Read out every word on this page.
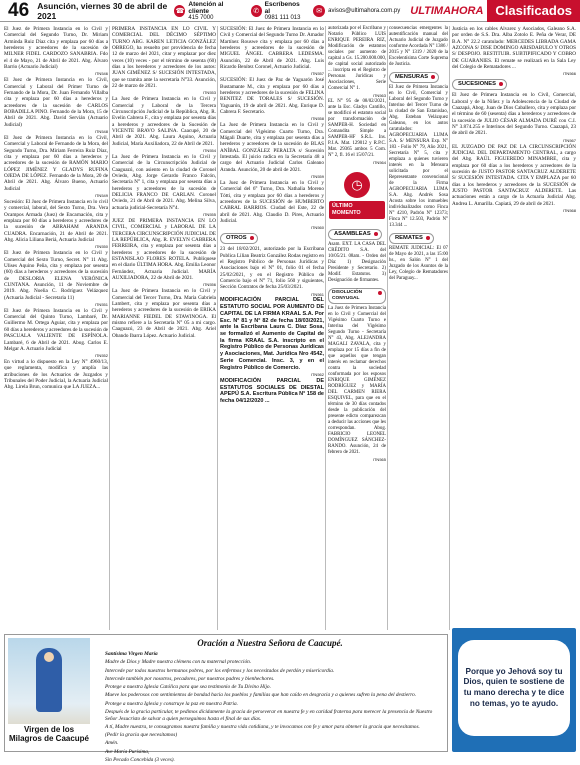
46 Asunción, viernes 30 de abril de 2021	☎
Atención al cliente
415 7000
✆
Escríbenos al
0981 111 013
✉	avisos@ultimahora.com.py ULTIMAHORA Clasificados

El Juez de Primera Instancia en lo Civil y Comercial del Segundo Turno, Dr. Miriam Arminda Ruiz Díaz cita y emplaza por 60 días a herederos y acreedores de la sucesión de MILNER FIDEL CARDOZO SANABRIA. Fdo el 4 de Mayo, 21 de Abril de 2021. Abg. Álvaro Barrio (Actuario Judicial)

ITN546

El Juez de Primera Instancia en lo Civil, Comercial y Laboral del Primer Turno de Fernando de la Mora, Dr. Juan Fernando Villalba cita y emplaza por 60 días a herederos y acreedores de la sucesión de CARLOS BOBADILLA PINO. Fernando de la Mora, 15 de Abril de 2021. Abg. David Servián (Actuario Judicial)

ITN548

El Juez de Primera Instancia en lo Civil, Comercial y Laboral de Fernando de la Mora, del Segundo Turno, Dra. Miriam Ferreira Ruiz Díaz, cita y emplaza por 60 días a herederos y acreedores de la sucesión de RAMÓN MARIO LÓPEZ JIMÉNEZ Y GLADYS RUFINA OJEDA DE LÓPEZ. Fernando de la Mora, 20 de Abril de 2021. Abg. Álvaro Bueno, Actuario Judicial

ITN549

Sucesión: El Juez de Primera Instancia en lo civil y comercial, laboral, del Sexto Turno, Dra. Vera Ocampos Armada (Juez) de Encarnación, cita y emplaza por 60 días a herederos y acreedores de la sucesión de ABRAHAM ARANDA CUADRA. Encarnación, 21 de Abril de 2021. Abg. Alicia Liliana Beriá, Actuaria Judicial

ITN550

El Juez de Primera Instancia en lo Civil y Comercial del Sexto Turno, Secret. N° 11 Abg. Ulises Aquino Peña, cita y emplaza por sesenta (60) días a herederos y acreedores de la sucesión de DESLORIA ELENA VERÓNICA CUNTANA. Asunción, 11 de Noviembre de 2019. Abg. Noelia C. Rodríguez Velázquez (Actuaria Judicial - Secretaria 11)

ITN551

El Juez de Primera Instancia en lo Civil y Comercial del Quinto Turno, Lambaré, Dr. Guillermo M. Ortega Aguiar, cita y emplaza por 60 días a herederos y acreedores de la sucesión de PASCUALA VALIENTE DE ESPÍNOLA. Lambaré, 6 de Abril de 2021. Abog. Carlos E. Melgar A. Actuario Judicial

ITN552

En virtud a lo dispuesto en la Ley N° 4960/13, que reglamenta, modifica y amplía las atribuciones de los Actuarios de Juzgados y Tribunales del Poder Judicial, la Actuaria Judicial Abg. Lirela Brun, comunica que LA JUEZA...

PRIMERA INSTANCIA EN LO CIVIL Y COMERCIAL DEL DÉCIMO SÉPTIMO TURNO ABG. KAREN LETICIA GONZÁLEZ OBREGO, ha resuelto por providencia de fecha 12 de marzo del 2021, citar y emplazar por diez veces (10) veces - por el término de sesenta (60) días a los herederos y acreedores de los autos: JUAN GIMÉNEZ S/ SUCESIÓN INTESTADA, que se tramita ante la secretaría N°33. Asunción, 22 de marzo de 2021.

ITN553

La Juez de Primera Instancia en lo Civil y Comercial y Laboral de la Tercera Circunscripción Judicial de la República, Abg. R. Evelin Cabrera F., cita y emplaza por sesenta días a herederos y acreedores de la Sucesión de VICENTE BRAVO SALINA. Caacupé, 20 de Abril de 2021. Abg. Laura Aquino, Actuaria Judicial, María Auxiliadora, 22 de Abril de 2021.

ITN554

La Juez de Primera Instancia en lo Civil y Comercial de la Circunscripción Judicial de Caaguazú, con asiento en la ciudad de Coronel Oviedo, Abg. Jorge Gerardo Franco Falcón, Secretaría N° 1, cita y emplaza por sesenta días a herederos y acreedores de la sucesión de DELICIA FRANCO DE CARLAN. Coronel Oviedo, 21 de Abril de 2021. Abg. Melina Silva, actuaria judicial-Secretaría N°4.

ITN555

JUEZ DE PRIMERA INSTANCIA EN LO CIVIL, COMERCIAL y LABORAL DE LA TERCERA CIRCUNSCRIPCIÓN JUDICIAL DE LA REPÚBLICA, Abg. R. EVELYN CABRERA FERREIRA, cita y emplaza por sesenta días a herederos y acreedores de la sucesión de ESTANISLAO FLORES ROTELA. Publíquese en el diario ÚLTIMA HORA. Abg. Emilia Leonor Fernández, Actuaria Judicial. MARÍA AUXILIADORA, 22 de Abril de 2021.

ITN556

La Juez de Primera Instancia en lo Civil y Comercial del Tercer Turno, Dra. María Gabriela Lambert, cita y emplaza por sesenta días a herederos y acreedores de la sucesión de ERIKA MARIANNE FIEDEL DE STAWINOGA. El mismo refiere a la Secretaría N° 05 a mi cargo. Caaguazú, 23 de Abril de 2021. Abg. Ariel Obando Ibarra López. Actuario Judicial.

SUCESIÓN: El Juez de Primera Instancia en lo Civil y Comercial del Segundo Turno Dr. Amador Martínez Rouswe cita y emplaza por 60 días a herederos y acreedores de la sucesión de MIGUEL ÁNGEL CABRERA LEDESMA. Asunción, 22 de Abril de 2021. Abg. Luis Ricardo Benítez Coronel, Actuario Judicial.

ITN557

SUCESIÓN: El Juez de Paz de Yaguarón José Bustamante M., cita y emplaza por 60 días a herederos y acreedores de la sucesión de FELINA BENITEZ DE TORALES S/ SUCESIÓN. Yaguarón, 19 de abril de 2021. Abg. Enrique D. Cabrera F. Secretario.

ITN558

La Juez de Primera Instancia en lo Civil y Comercial del Vigésimo Cuarto Turno, Dra. Mágali Duarte, cita y emplaza por sesenta días a herederos y acreedores de la sucesión de BLAS ANÍBAL GONZÁLEZ PERALTA s/ Sucesión Intestada. El juicio radica en la Secretaría 48 a cargo del Actuario Judicial Carlos Galeano Aranda. Asunción, 20 de abril de 2021.

ITN559

La Juez de Primera Instancia en lo Civil y Comercial del 6° Turno, Dra. Nathalia Moreno Tótti, cita y emplaza por 60 días a herederos y acreedores de la SUCESIÓN de HUMBERTO CABRAL BARRIOS. Ciudad del Este, 22 de abril de 2021. Abg. Claudio D. Pires, Actuario Judicial.

ITN560
OTROS

23 del 18/02/2021, autorizado por la Escribana Publica Lilian Beatriz González Rodas registro en el Registro Público de Personas Jurídicas y Asociaciones bajo el N° 01, folio 01 el fecha 25/02/2021, y en el Registro Público de Comercio bajo el N° 71, folio 560 y siguientes, Sección Contratos de fecha 25/03/2021.

ITN561

MODIFICACIÓN PARCIAL DEL ESTATUTO SOCIAL POR AUMENTO DE CAPITAL DE LA FIRMA KRAAL S.A. Por Esc. N° 81 y N° 82 de fecha 18/03/2021, ante la Escribana Laura C. Díaz Sosa, se formalizó el Aumento de Capital de la firma KRAAL S.A. inscripto en el Registro Público de Personas Jurídicas y Asociaciones, Mat. Jurídica Nro 4542, Serie Comercial. Insc. 3, y en el Registro Público de Comercio.

ITN562

MODIFICACIÓN PARCIAL DE ESTATUTOS SOCIALES DE DIESTAL APEPÚ S.A. Escritura Pública N° 158 de fecha 04/12/2020 ...

autorizada por el Escribano y Notario Público LUIS ENRIQUE PEREIRA RIZ, Modificación de estatutos sociales por aumento de capital a Gs. 15.200.000.000, de capital social autorizado ... inscripta en el Registro de Personas Jurídicas y Asociaciones, Serie Comercial N° 1.

ITN563

EL N° 95 de 08/02/2021, ante la Esc. Gladys Cantillo, se modificó el estatuto social por transformación de SAMPER-H. Sociedad en Comandita Simple a SAMPER-HF S.R.L. Ins. P.J.A. Mat. 129012 y R.P.C. Mat. 29365 ambos 5 Com. N° 2, fl. 16 el 15/07/21.

ITN564
◷
ÚLTIMO MOMENTO
ASAMBLEAS

Asam. EXT. LA CASA DEL CRÉDITO S.A. del 10/05/21. 08am. - Orden del Día: 1) Designación Presidente y Secretario. 2) Modif. Estatutos. 3) Designación de firmantes.

DISOLUCIÓN CONYUGAL

La Juez de Primera Instancia en lo Civil y Comercial del Vigésimo Cuarto Turno e Interina del Vigésimo Segundo Turno - Secretaría N° 43, Abg. ALEJANDRA MAGALI ZAVALA, cita y emplaza por 15 días a fin de que aquellos que tengan interés en reclamar derechos contra la sociedad conformada por los esposos ENRIQUE GIMÉNEZ RODRÍGUEZ y MARÍA DEL CARMEN RIERA ESQUIVEL, para que en el término de 30 días contados desde la publicación del presente edicto comparezcan a deducir las acciones que les correspondan. Abog. FABRICIO LEONEL DOMÍNGUEZ SÁNCHEZ-RANDO. Asunción, 24 de febrero de 2021.

ITN565

consecuencias emergentes la autentificación manual del Actuario Judicial de Juzgado conforme Acordada N° 1386 / 2015 y N° 1319 / 2020 de la Excelentísima Corte Suprema de Justicia.

MENSURAS

El Juez de Primera Instancia en lo Civil, Comercial y Laboral del Segundo Turno y Interino del Tercer Turno de la ciudad de San Estanislao, Abg. Esteban Velázquez Galeano, en los autos caratulados: AGROPECUARIA LUMA S.A. S/ MENSURA Exp. N° 183 - Folio N° 79, Año 2021, Secretaría N° 5, cita y emplaza a quienes tuvieren interés en la Mensura solicitada por el Representante convencional de la Firma AGROPECUARIA LUMA S.A. Abg. Andrés Sosa Acosta sobre los inmuebles individualizados como Finca N° 4210, Padrón N° 12373; Finca N° 12.503, Padrón N° 13.344 ...

REMATES

REMATE JUDICIAL: El 07 de Mayo de 2021, a las 15:00 hs., en Salón N° 1 del Juzgado de los Asuntos de la Ley, Colegio de Rematadores del Paraguay...

Justicia en los cables Alvarez y Asociados, Galeano S.A. por orden de S.S. Dra. Alba Zotolo E. Peña de Verar, DE B.A. N° 22.2 caratulado: MERCEDES LIBRADA GAMA AZCONA S/ DISE DOMINGO ARISDABULO Y OTROS S/ DESPOJO. RESTITUIR. SUBTIPIFICADO Y COBRO DE GUARANIES. El remate se realizará en la Sala Ley del Colegio de Rematadores ...

ITN566
SUCESIONES

El Juez de Primera Instancia en lo Civil, Comercial, Laboral y de la Niñez y la Adolescencia de la Ciudad de Caazapá, Abog. Juan de Dios Caballero, cita y emplaza por el término de 60 (sesenta) días a herederos y acreedores de la sucesión de JULIO CÉSAR ALMADA DURÉ con C.I. N° 3.874.255 e Interinos del Segundo Turno. Caazapá, 23 de abril de 2021.

ITN567

EL JUZGADO DE PAZ DE LA CIRCUNSCRIPCIÓN JUDICIAL DEL DEPARTAMENTO CENTRAL, a cargo del Abg. RAÚL FIGUEREDO MINAMBRE, cita y emplaza por 60 días a los herederos y acreedores de la sucesión de JUSTO PASTOR SANTACRUZ ALDERETE S/ SUCESIÓN INTESTADA. CITA Y EMPLAZA por 60 días a los herederos y acreedores de la SUCESIÓN de JUSTO PASTOR SANTACRUZ ALDERETE. Las actuaciones están a cargo de la Actuaria Judicial Abg. Andrea L. Amarilla. Capiatá, 29 de abril de 2021.

ITN568
Virgen de los Milagros de Caacupé
Oración a Nuestra Señora de Caacupé.

Santísima Virgen María

Madre de Dios y Madre nuestra clémens con tu maternal protección.

Intercede por todos nuestros hermanos pobres, por los enfermos y los necesitados de perdón y misericordia.

Intercede también por nosotros, pecadores, por nuestros padres y bienhechores.

Protege a nuestra Iglesia Católica para que sea testimonio de Tu Divino Hijo.

Mueve los poderosos con sentimientos de bondad hacia los pueblos y familias que han caído en desgracia y a quienes sufren la pena del destierro.

Protege a nuestra Iglesia y construye la paz en nuestra Patria.

Después de la gracia particular, te pedimos dícidamente la gracia de perseverar en nuestra fe y en caridad fraterna para merecer la presencia de Nuestro Señor Jesucristo de salvar a quien perseguimos hasta el final de sus días.

A tí, Madre nuestra, te consagramos nuestra familia y nuestra vida cotidiana, y te invocamos con fe y amor para obtener la gracia que necesitamos.

(Pedir la gracia que necesitamos)

Amén.

Ave María Purísima,

Sin Pecado Concebida (3 veces).

Porque yo Jehová soy tu Dios, quien te sostiene de tu mano derecha y te dice no temas, yo te ayudo.
